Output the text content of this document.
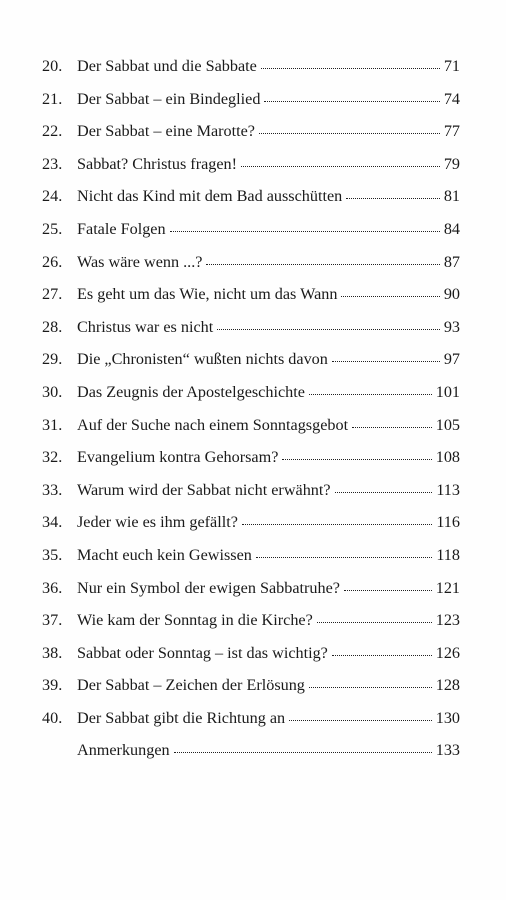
20. Der Sabbat und die Sabbate	71
21. Der Sabbat – ein Bindeglied	74
22. Der Sabbat – eine Marotte?	77
23. Sabbat? Christus fragen!	79
24. Nicht das Kind mit dem Bad ausschütten	81
25. Fatale Folgen	84
26. Was wäre wenn ...?	87
27. Es geht um das Wie, nicht um das Wann	90
28. Christus war es nicht	93
29. Die „Chronisten“ wußten nichts davon	97
30. Das Zeugnis der Apostelgeschichte	101
31. Auf der Suche nach einem Sonntagsgebot	105
32. Evangelium kontra Gehorsam?	108
33. Warum wird der Sabbat nicht erwähnt?	113
34. Jeder wie es ihm gefällt?	116
35. Macht euch kein Gewissen	118
36. Nur ein Symbol der ewigen Sabbatruhe?	121
37. Wie kam der Sonntag in die Kirche?	123
38. Sabbat oder Sonntag – ist das wichtig?	126
39. Der Sabbat – Zeichen der Erlösung	128
40. Der Sabbat gibt die Richtung an	130
Anmerkungen	133
